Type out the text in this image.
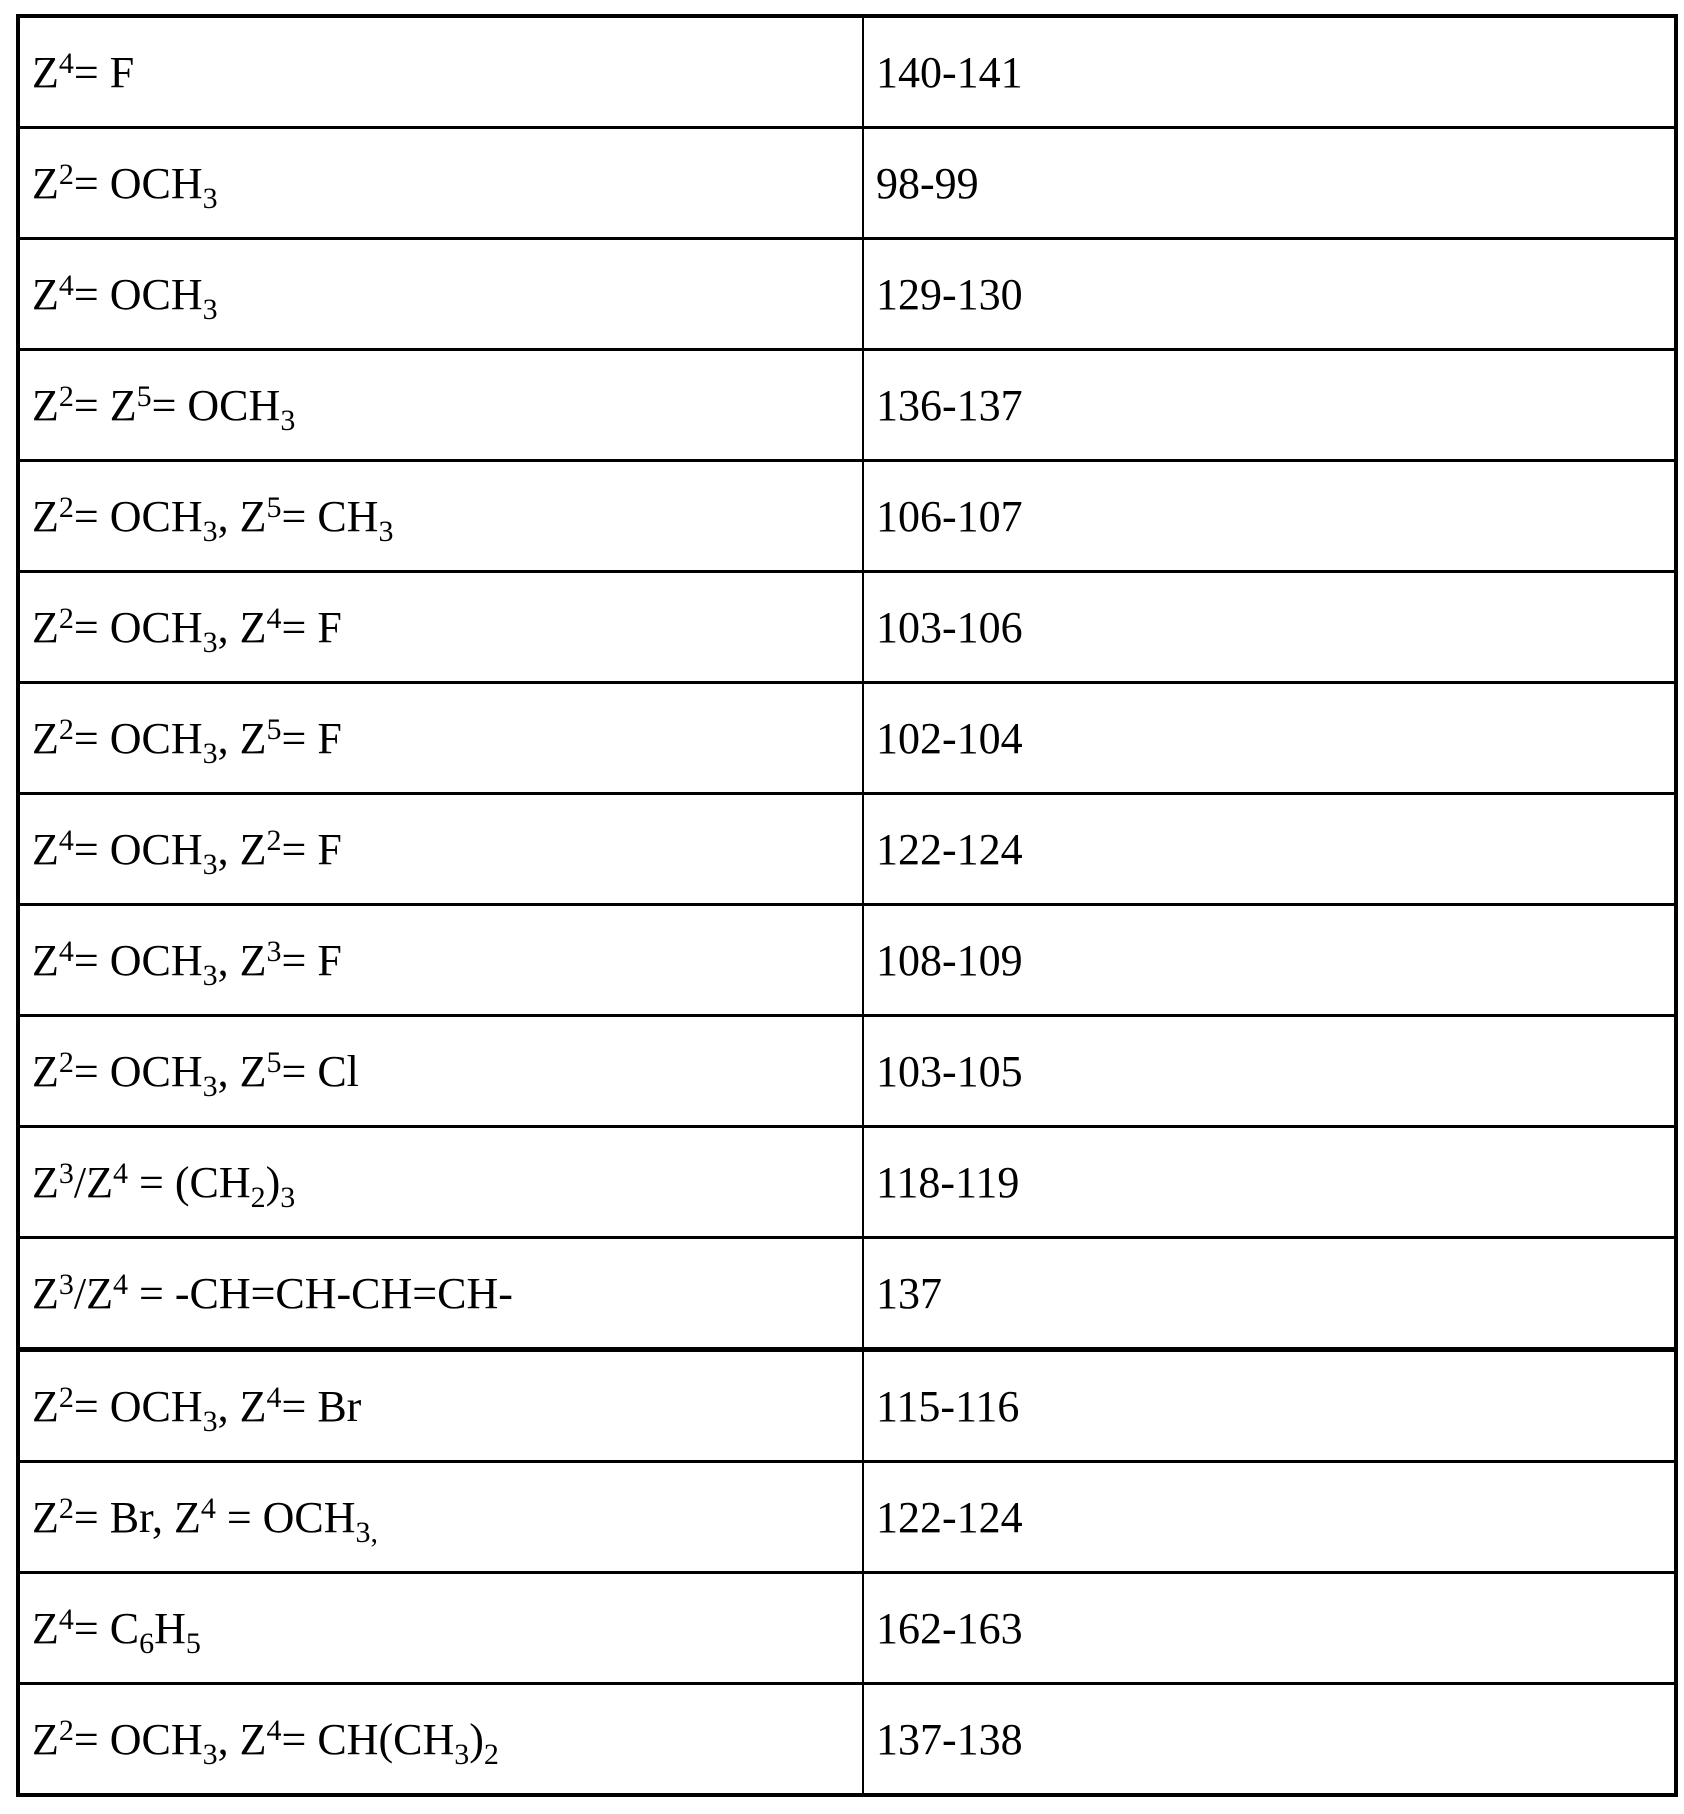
Z4= F	140-141
Z2= OCH3	98-99
Z4= OCH3	129-130
Z2= Z5= OCH3	136-137
Z2= OCH3, Z5= CH3	106-107
Z2= OCH3, Z4= F	103-106
Z2= OCH3, Z5= F	102-104
Z4= OCH3, Z2= F	122-124
Z4= OCH3, Z3= F	108-109
Z2= OCH3, Z5= Cl	103-105
Z3/Z4 = (CH2)3	118-119
Z3/Z4 = -CH=CH-CH=CH-	137
Z2= OCH3, Z4= Br	115-116
Z2= Br, Z4 = OCH3,	122-124
Z4= C6H5	162-163
Z2= OCH3, Z4= CH(CH3)2	137-138
